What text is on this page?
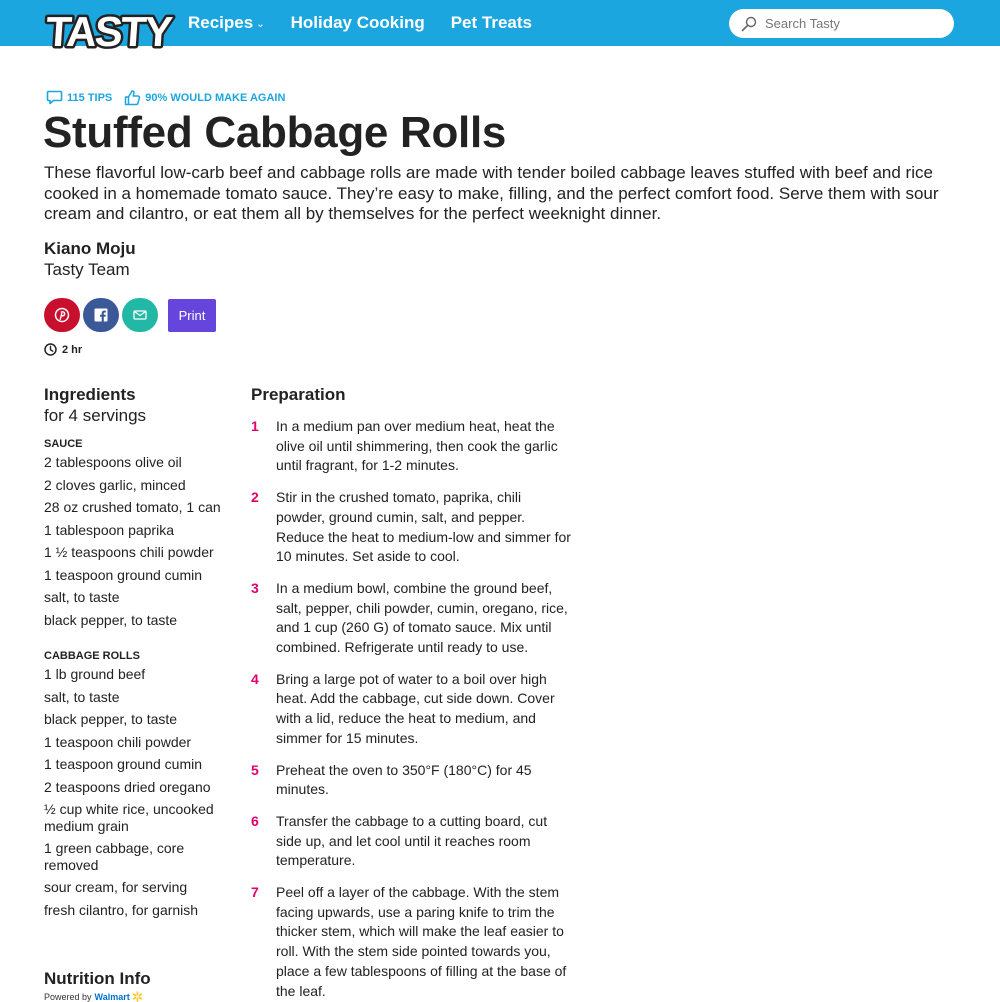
TASTY Recipes ⌄ Holiday Cooking Pet Treats
Search Tasty
115 TIPS	90% WOULD MAKE AGAIN
Stuffed Cabbage Rolls

These flavorful low-carb beef and cabbage rolls are made with tender boiled cabbage leaves stuffed with beef and rice cooked in a homemade tomato sauce. They’re easy to make, filling, and the perfect comfort food. Serve them with sour cream and cilantro, or eat them all by themselves for the perfect weeknight dinner.

Kiano Moju
Tasty Team
Print
2 hr
Ingredients
for 4 servings
SAUCE
2 tablespoons olive oil
2 cloves garlic, minced
28 oz crushed tomato, 1 can
1 tablespoon paprika
1 ½ teaspoons chili powder
1 teaspoon ground cumin
salt, to taste
black pepper, to taste
CABBAGE ROLLS
1 lb ground beef
salt, to taste
black pepper, to taste
1 teaspoon chili powder
1 teaspoon ground cumin
2 teaspoons dried oregano
½ cup white rice, uncooked medium grain
1 green cabbage, core removed
sour cream, for serving
fresh cilantro, for garnish
Nutrition Info
Powered by Walmart
Preparation
1	In a medium pan over medium heat, heat the olive oil until shimmering, then cook the garlic until fragrant, for 1-2 minutes.
2	Stir in the crushed tomato, paprika, chili powder, ground cumin, salt, and pepper. Reduce the heat to medium-low and simmer for 10 minutes. Set aside to cool.
3	In a medium bowl, combine the ground beef, salt, pepper, chili powder, cumin, oregano, rice, and 1 cup (260 G) of tomato sauce. Mix until combined. Refrigerate until ready to use.
4	Bring a large pot of water to a boil over high heat. Add the cabbage, cut side down. Cover with a lid, reduce the heat to medium, and simmer for 15 minutes.
5	Preheat the oven to 350°F (180°C) for 45 minutes.
6	Transfer the cabbage to a cutting board, cut side up, and let cool until it reaches room temperature.
7	Peel off a layer of the cabbage. With the stem facing upwards, use a paring knife to trim the thicker stem, which will make the leaf easier to roll. With the stem side pointed towards you, place a few tablespoons of filling at the base of the leaf.
